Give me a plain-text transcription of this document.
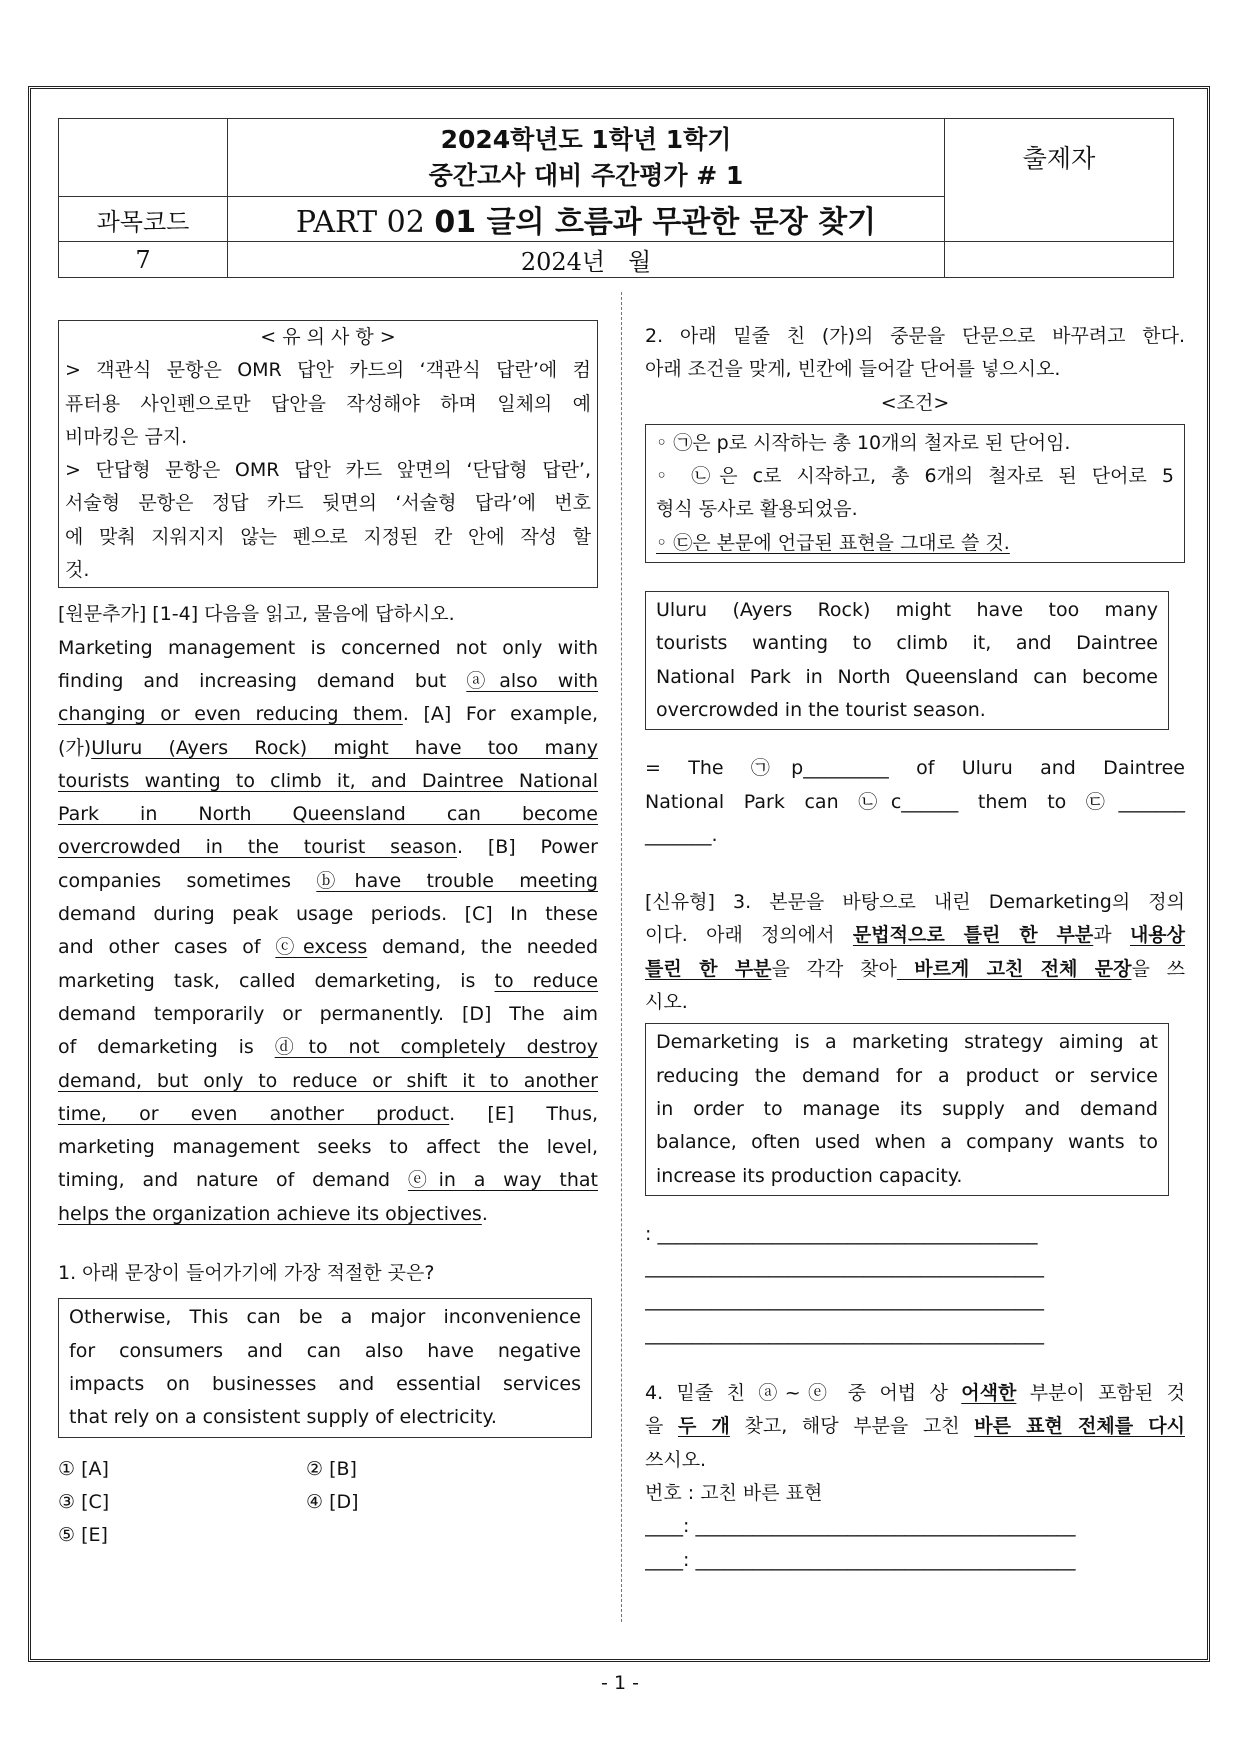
	2024학년도 1학년 1학기
중간고사 대비 주간평가 # 1	출제자
과목코드	PART 02 01 글의 흐름과 무관한 문장 찾기	
7	2024년   월	

< 유 의 사 항 >

> 객관식 문항은 OMR 답안 카드의 ‘객관식 답란’에 컴

퓨터용 사인펜으로만 답안을 작성해야 하며 일체의 예

비마킹은 금지.

> 단답형 문항은 OMR 답안 카드 앞면의 ‘단답형 답란’,

서술형 문항은 정답 카드 뒷면의 ‘서술형 답라’에 번호

에 맞춰 지워지지 않는 펜으로 지정된 칸 안에 작성 할

것.

[원문추가] [1-4] 다음을 읽고, 물음에 답하시오.

Marketing management is concerned not only with

finding and increasing demand but ⓐalso with

changing or even reducing them. [A] For example,

(가)Uluru (Ayers Rock) might have too many

tourists wanting to climb it, and Daintree National

Park in North Queensland can become

overcrowded in the tourist season. [B] Power

companies sometimes ⓑhave trouble meeting

demand during peak usage periods. [C] In these

and other cases of ⓒexcess demand, the needed

marketing task, called demarketing, is to reduce

demand temporarily or permanently. [D] The aim

of demarketing is ⓓto not completely destroy

demand, but only to reduce or shift it to another

time, or even another product. [E] Thus,

marketing management seeks to affect the level,

timing, and nature of demand ⓔin a way that

helps the organization achieve its objectives.

1. 아래 문장이 들어가기에 가장 적절한 곳은?

Otherwise, This can be a major inconvenience

for consumers and can also have negative

impacts on businesses and essential services

that rely on a consistent supply of electricity.

① [A]	② [B]
③ [C]	④ [D]
⑤ [E]

2. 아래 밑줄 친 (가)의 중문을 단문으로 바꾸려고 한다.

아래 조건을 맞게, 빈칸에 들어갈 단어를 넣으시오.

<조건>

◦ ㉠은 p로 시작하는 총 10개의 철자로 된 단어임.

◦ ㉡은 c로 시작하고, 총 6개의 철자로 된 단어로 5

형식 동사로 활용되었음.

◦ ㉢은 본문에 언급된 표현을 그대로 쓸 것.

Uluru (Ayers Rock) might have too many

tourists wanting to climb it, and Daintree

National Park in North Queensland can become

overcrowded in the tourist season.

= The ㉠p_________ of Uluru and Daintree

National Park can ㉡c______ them to ㉢_______

_______.

[신유형] 3. 본문을 바탕으로 내린 Demarketing의 정의

이다. 아래 정의에서 문법적으로 틀린 한 부분과 내용상

틀린 한 부분을 각각 찾아 바르게 고친 전체 문장을 쓰

시오.

Demarketing is a marketing strategy aiming at

reducing the demand for a product or service

in order to manage its supply and demand

balance, often used when a company wants to

increase its production capacity.

: ________________________________________

__________________________________________

__________________________________________

__________________________________________

4. 밑줄 친 ⓐ~ⓔ 중 어법 상 어색한 부분이 포함된 것

을 두 개 찾고, 해당 부분을 고친 바른 표현 전체를 다시

쓰시오.

번호 : 고친 바른 표현

____: ________________________________________

____: ________________________________________

- 1 -
